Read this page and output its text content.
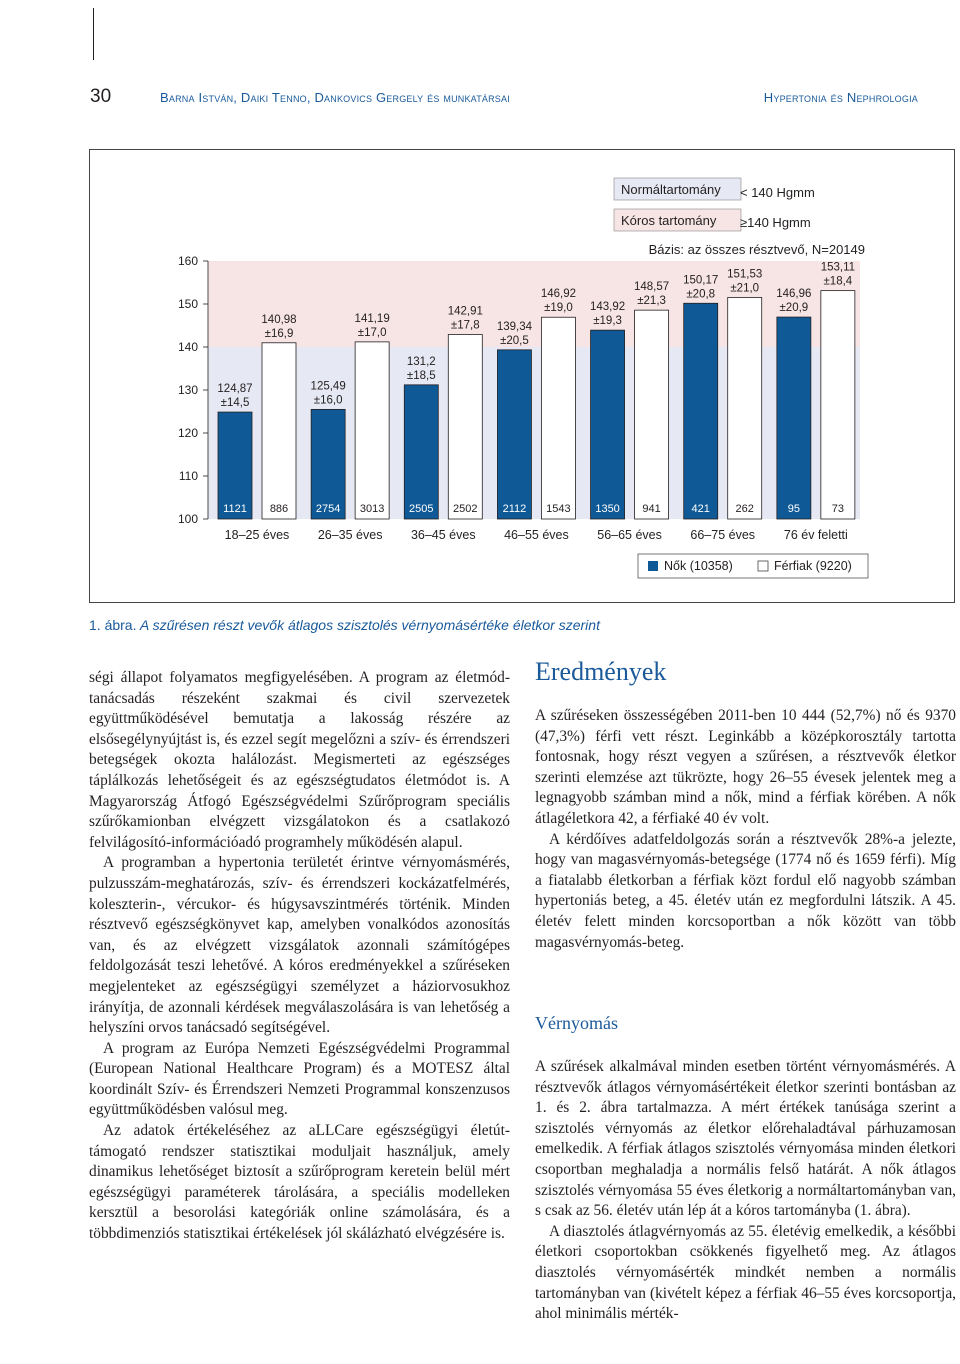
30	Barna István, Daiki Tenno, Dankovics Gergely és munkatársai	Hypertonia és Nephrologia
1121
124,87
±14,5
886
140,98
±16,9
18–25 éves
2754
125,49
±16,0
3013
141,19
±17,0
26–35 éves
2505
131,2
±18,5
2502
142,91
±17,8
36–45 éves
2112
139,34
±20,5
1543
146,92
±19,0
46–55 éves
1350
143,92
±19,3
941
148,57
±21,3
56–65 éves
421
150,17
±20,8
262
151,53
±21,0
66–75 éves
95
146,96
±20,9
73
153,11
±18,4
76 év feletti
100
110
120
130
140
150
160
Normáltartomány < 140 Hgmm
Kóros tartomány ≥140 Hgmm
Bázis: az összes résztvevő, N=20149
Nők (10358)	Férfiak (9220)
1. ábra. A szűrésen részt vevők átlagos szisztolés vérnyomásértéke életkor szerint

ségi állapot folyamatos megfigyelésében. A program az életmód-tanácsadás részeként szakmai és civil szervezetek együttműködésével bemutatja a lakosság részére az elsősegélynyújtást is, és ezzel segít megelőzni a szív- és érrendszeri betegségek okozta halálozást. Megismerteti az egészséges táplálkozás lehetőségeit és az egészségtudatos életmódot is. A Magyarország Átfogó Egészségvédelmi Szűrőprogram speciális szűrőkamionban elvégzett vizsgálatokon és a csatlakozó felvilágosító-információadó programhely működésén alapul.

A programban a hypertonia területét érintve vérnyomásmérés, pulzusszám-meghatározás, szív- és érrendszeri kockázatfelmérés, koleszterin-, vércukor- és húgysavszintmérés történik. Minden résztvevő egészségkönyvet kap, amelyben vonalkódos azonosítás van, és az elvégzett vizsgálatok azonnali számítógépes feldolgozását teszi lehetővé. A kóros eredményekkel a szűréseken megjelenteket az egészségügyi személyzet a háziorvosukhoz irányítja, de azonnali kérdések megválaszolására is van lehetőség a helyszíni orvos tanácsadó segítségével.

A program az Európa Nemzeti Egészségvédelmi Programmal (European National Healthcare Program) és a MOTESZ által koordinált Szív- és Érrendszeri Nemzeti Programmal konszenzusos együttműködésben valósul meg.

Az adatok értékeléséhez az aLLCare egészségügyi életút-támogató rendszer statisztikai moduljait használjuk, amely dinamikus lehetőséget biztosít a szűrőprogram keretein belül mért egészségügyi paraméterek tárolására, a speciális modelleken kersztül a besorolási kategóriák online számolására, és a többdimenziós statisztikai értékelések jól skálázható elvégzésére is.

Eredmények

A szűréseken összességében 2011-ben 10 444 (52,7%) nő és 9370 (47,3%) férfi vett részt. Leginkább a középkorosztály tartotta fontosnak, hogy részt vegyen a szűrésen, a résztvevők életkor szerinti elemzése azt tükrözte, hogy 26–55 évesek jelentek meg a legnagyobb számban mind a nők, mind a férfiak körében. A nők átlagéletkora 42, a férfiaké 40 év volt.

A kérdőíves adatfeldolgozás során a résztvevők 28%-a jelezte, hogy van magasvérnyomás-betegsége (1774 nő és 1659 férfi). Míg a fiatalabb életkorban a férfiak közt fordul elő nagyobb számban hypertoniás beteg, a 45. életév után ez megfordulni látszik. A 45. életév felett minden korcsoportban a nők között van több magasvérnyomás-beteg.

Vérnyomás

A szűrések alkalmával minden esetben történt vérnyomásmérés. A résztvevők átlagos vérnyomásértékeit életkor szerinti bontásban az 1. és 2. ábra tartalmazza. A mért értékek tanúsága szerint a szisztolés vérnyomás az életkor előrehaladtával párhuzamosan emelkedik. A férfiak átlagos szisztolés vérnyomása minden életkori csoportban meghaladja a normális felső határát. A nők átlagos szisztolés vérnyomása 55 éves életkorig a normáltartományban van, s csak az 56. életév után lép át a kóros tartományba (1. ábra).

A diasztolés átlagvérnyomás az 55. életévig emelkedik, a későbbi életkori csoportokban csökkenés figyelhető meg. Az átlagos diasztolés vérnyomásérték mindkét nemben a normális tartományban van (kivételt képez a férfiak 46–55 éves korcsoportja, ahol minimális mérték-
